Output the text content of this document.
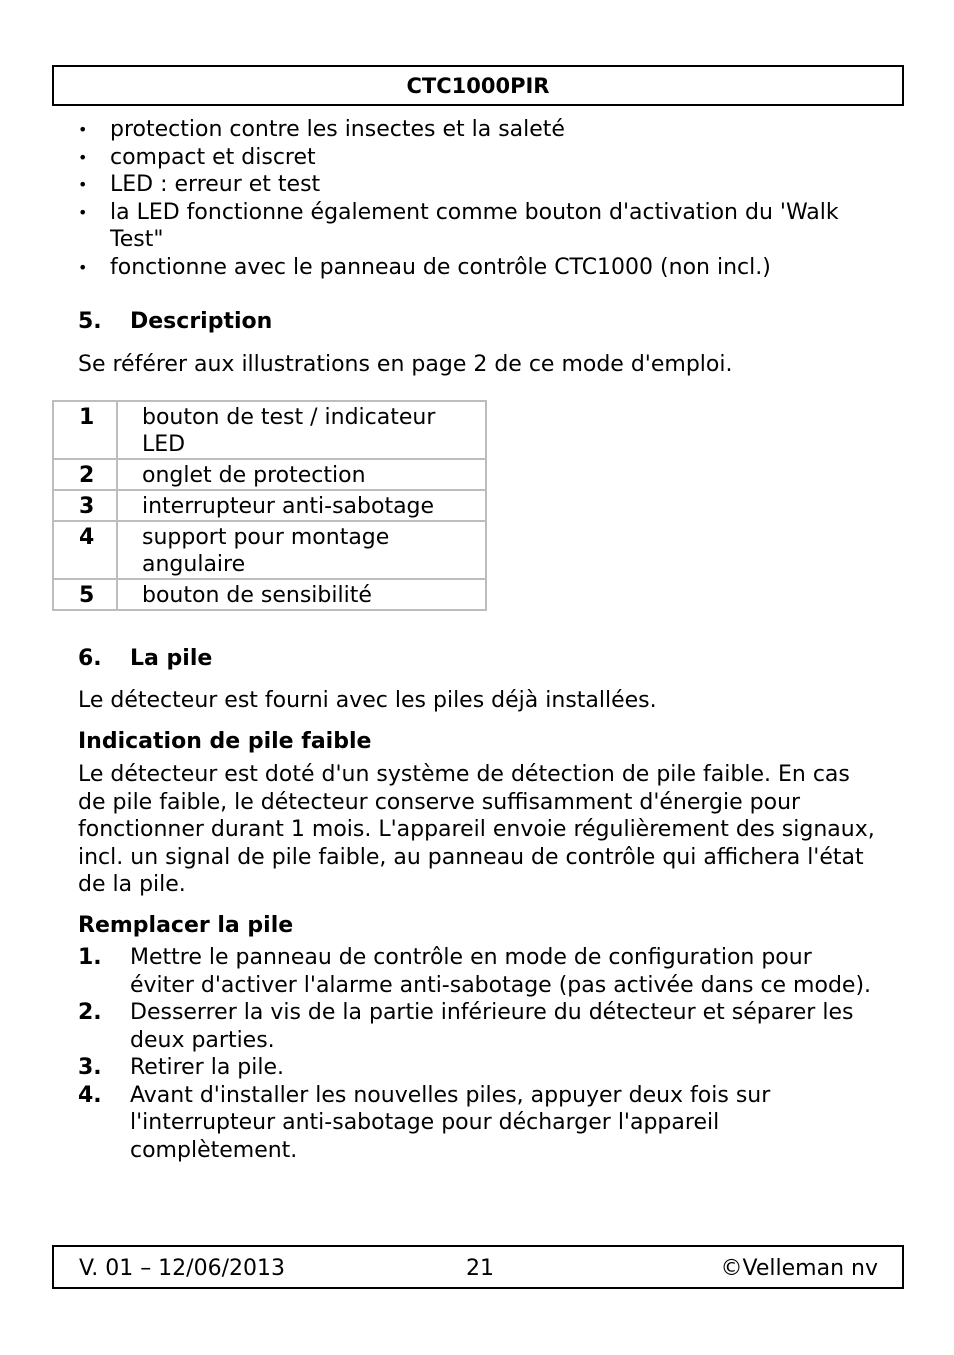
CTC1000PIR
• protection contre les insectes et la saleté
• compact et discret
• LED : erreur et test
• la LED fonctionne également comme bouton d'activation du 'Walk Test"
• fonctionne avec le panneau de contrôle CTC1000 (non incl.)
5. Description
Se référer aux illustrations en page 2 de ce mode d'emploi.
1	bouton de test / indicateur LED
2	onglet de protection
3	interrupteur anti-sabotage
4	support pour montage angulaire
5	bouton de sensibilité
6. La pile
Le détecteur est fourni avec les piles déjà installées.
Indication de pile faible
Le détecteur est doté d'un système de détection de pile faible. En cas de pile faible, le détecteur conserve suffisamment d'énergie pour fonctionner durant 1 mois. L'appareil envoie régulièrement des signaux, incl. un signal de pile faible, au panneau de contrôle qui affichera l'état de la pile.
Remplacer la pile
1. Mettre le panneau de contrôle en mode de configuration pour éviter d'activer l'alarme anti-sabotage (pas activée dans ce mode).
2. Desserrer la vis de la partie inférieure du détecteur et séparer les deux parties.
3. Retirer la pile.
4. Avant d'installer les nouvelles piles, appuyer deux fois sur l'interrupteur anti-sabotage pour décharger l'appareil complètement.
V. 01 – 12/06/2013	21	©Velleman nv
